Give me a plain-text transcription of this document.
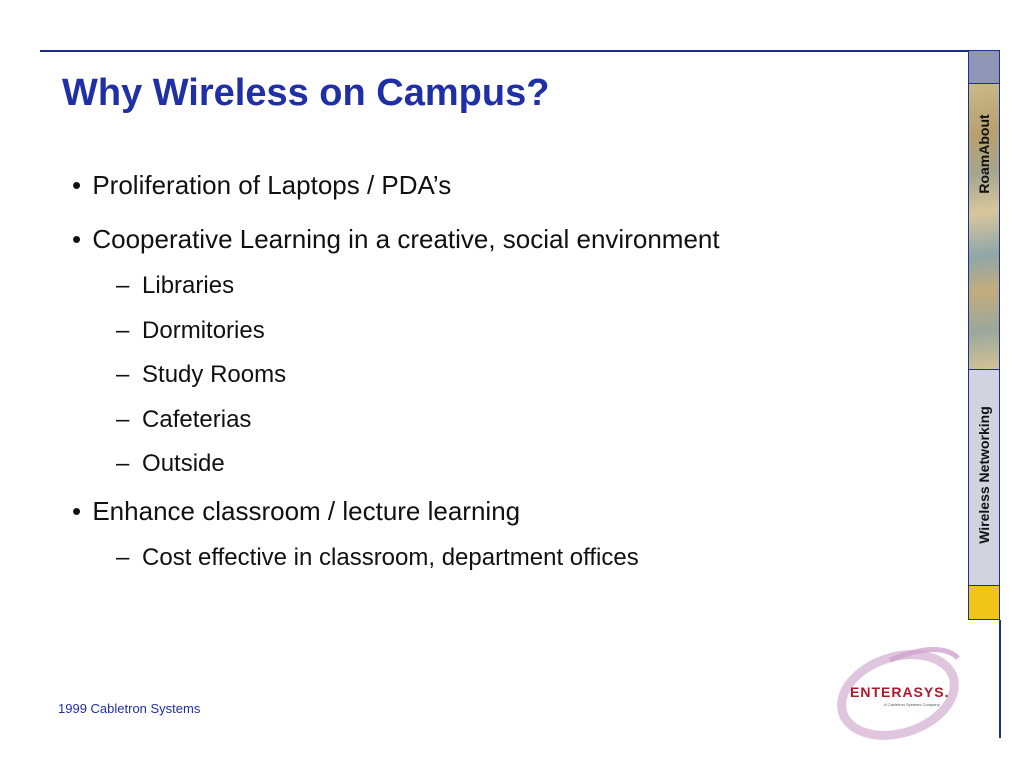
Why Wireless on Campus?
• Proliferation of Laptops / PDA’s
• Cooperative Learning in a creative, social environment
– Libraries
– Dormitories
– Study Rooms
– Cafeterias
– Outside
• Enhance classroom / lecture learning
– Cost effective in classroom, department offices
RoamAbout
Wireless Networking
1999 Cabletron Systems
ENTERASYS.
A Cabletron Systems Company
